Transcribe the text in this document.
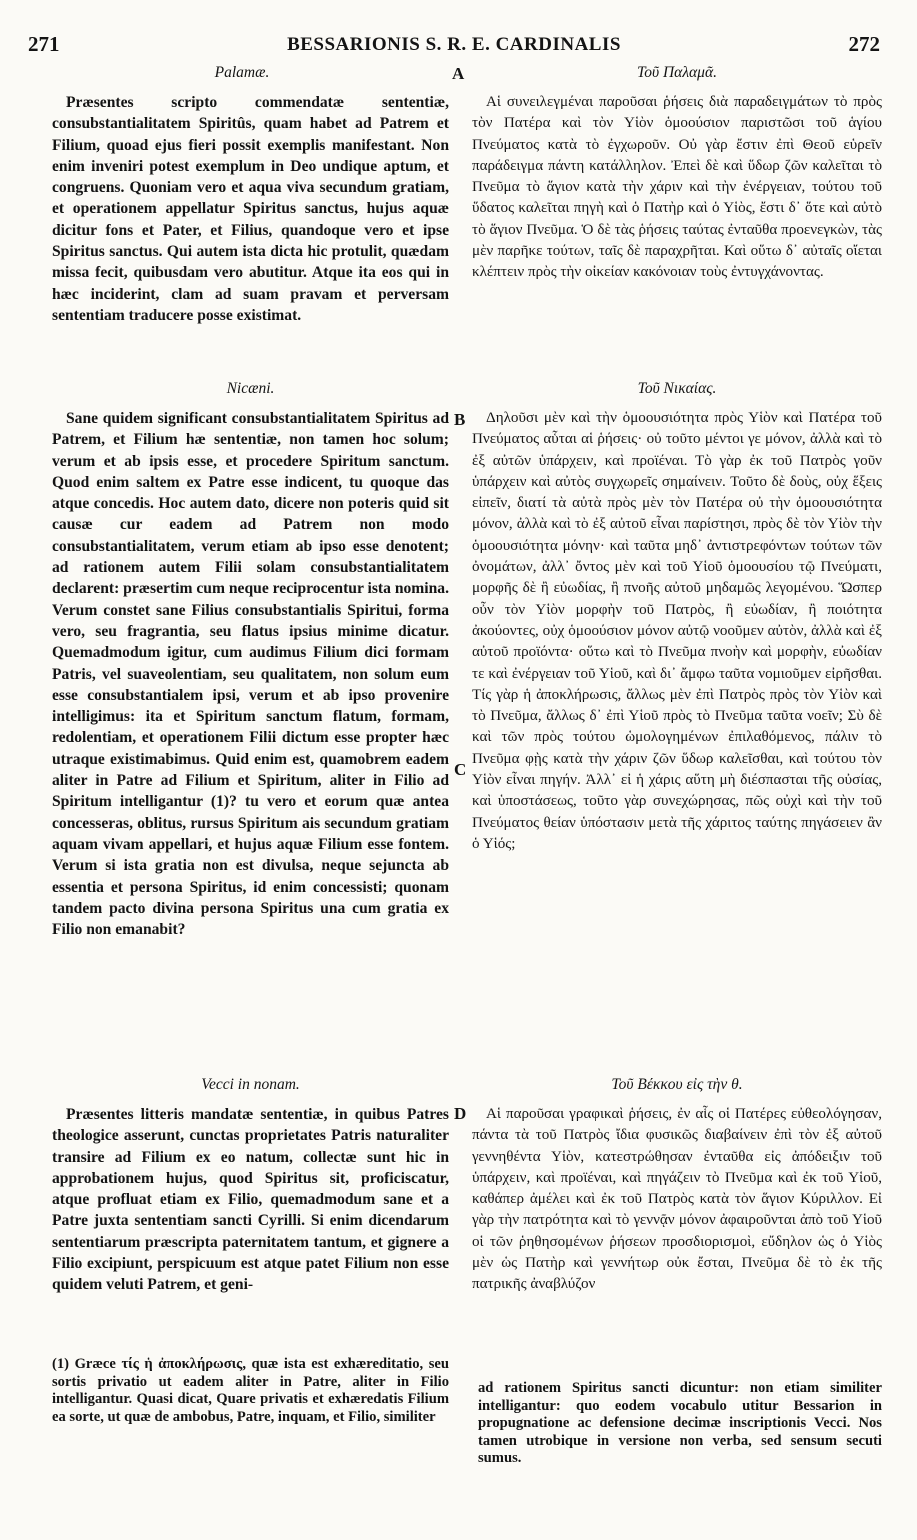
271	BESSARIONIS S. R. E. CARDINALIS	272
Palamæ.	A	Τοῦ Παλαμᾶ.

Præsentes scripto commendatæ sententiæ, consubstantialitatem Spiritûs, quam habet ad Patrem et Filium, quoad ejus fieri possit exemplis manifestant. Non enim inveniri potest exemplum in Deo undique aptum, et congruens. Quoniam vero et aqua viva secundum gratiam, et operationem appellatur Spiritus sanctus, hujus aquæ dicitur fons et Pater, et Filius, quandoque vero et ipse Spiritus sanctus. Qui autem ista dicta hic protulit, quædam missa fecit, quibusdam vero abutitur. Atque ita eos qui in hæc inciderint, clam ad suam pravam et perversam sententiam traducere posse existimat.

Αἱ συνειλεγμέναι παροῦσαι ῥήσεις διὰ παραδειγμάτων τὸ πρὸς τὸν Πατέρα καὶ τὸν Υἱὸν ὁμοούσιον παριστῶσι τοῦ ἁγίου Πνεύματος κατὰ τὸ ἐγχωροῦν. Οὐ γὰρ ἔστιν ἐπὶ Θεοῦ εὑρεῖν παράδειγμα πάντη κατάλληλον. Ἐπεὶ δὲ καὶ ὕδωρ ζῶν καλεῖται τὸ Πνεῦμα τὸ ἅγιον κατὰ τὴν χάριν καὶ τὴν ἐνέργειαν, τούτου τοῦ ὕδατος καλεῖται πηγὴ καὶ ὁ Πατὴρ καὶ ὁ Υἱὸς, ἔστι δ᾽ ὅτε καὶ αὐτὸ τὸ ἅγιον Πνεῦμα. Ὁ δὲ τὰς ῥήσεις ταύτας ἐνταῦθα προενεγκὼν, τὰς μὲν παρῆκε τούτων, ταῖς δὲ παραχρῆται. Καὶ οὕτω δ᾽ αὐταῖς οἴεται κλέπτειν πρὸς τὴν οἰκείαν κακόνοιαν τοὺς ἐντυγχάνοντας.

Nicæni.	Τοῦ Νικαίας.
B

Sane quidem significant consubstantialitatem Spiritus ad Patrem, et Filium hæ sententiæ, non tamen hoc solum; verum et ab ipsis esse, et procedere Spiritum sanctum. Quod enim saltem ex Patre esse indicent, tu quoque das atque concedis. Hoc autem dato, dicere non poteris quid sit causæ cur eadem ad Patrem non modo consubstantialitatem, verum etiam ab ipso esse denotent; ad rationem autem Filii solam consubstantialitatem declarent: præsertim cum neque reciprocentur ista nomina. Verum constet sane Filius consubstantialis Spiritui, forma vero, seu fragrantia, seu flatus ipsius minime dicatur. Quemadmodum igitur, cum audimus Filium dici formam Patris, vel suaveolentiam, seu qualitatem, non solum eum esse consubstantialem ipsi, verum et ab ipso provenire intelligimus: ita et Spiritum sanctum flatum, formam, redolentiam, et operationem Filii dictum esse propter hæc utraque existimabimus. Quid enim est, quamobrem eadem aliter in Patre ad Filium et Spiritum, aliter in Filio ad Spiritum intelligantur (1)? tu vero et eorum quæ antea concesseras, oblitus, rursus Spiritum ais secundum gratiam aquam vivam appellari, et hujus aquæ Filium esse fontem. Verum si ista gratia non est divulsa, neque sejuncta ab essentia et persona Spiritus, id enim concessisti; quonam tandem pacto divina persona Spiritus una cum gratia ex Filio non emanabit?

Δηλοῦσι μὲν καὶ τὴν ὁμοουσιότητα πρὸς Υἱὸν καὶ Πατέρα τοῦ Πνεύματος αὗται αἱ ῥήσεις· οὐ τοῦτο μέντοι γε μόνον, ἀλλὰ καὶ τὸ ἐξ αὐτῶν ὑπάρχειν, καὶ προϊέναι. Τὸ γὰρ ἐκ τοῦ Πατρὸς γοῦν ὑπάρχειν καὶ αὐτὸς συγχωρεῖς σημαίνειν. Τοῦτο δὲ δοὺς, οὐχ ἕξεις εἰπεῖν, διατί τὰ αὐτὰ πρὸς μὲν τὸν Πατέρα οὐ τὴν ὁμοουσιότητα μόνον, ἀλλὰ καὶ τὸ ἐξ αὐτοῦ εἶναι παρίστησι, πρὸς δὲ τὸν Υἱὸν τὴν ὁμοουσιότητα μόνην· καὶ ταῦτα μηδ᾽ ἀντιστρεφόντων τούτων τῶν ὀνομάτων, ἀλλ᾽ ὄντος μὲν καὶ τοῦ Υἱοῦ ὁμοουσίου τῷ Πνεύματι, μορφῆς δὲ ἢ εὐωδίας, ἢ πνοῆς αὐτοῦ μηδαμῶς λεγομένου. Ὥσπερ οὖν τὸν Υἱὸν μορφὴν τοῦ Πατρὸς, ἢ εὐωδίαν, ἢ ποιότητα ἀκούοντες, οὐχ ὁμοούσιον μόνον αὐτῷ νοοῦμεν αὐτὸν, ἀλλὰ καὶ ἐξ αὐτοῦ προϊόντα· οὕτω καὶ τὸ Πνεῦμα πνοὴν καὶ μορφὴν, εὐωδίαν τε καὶ ἐνέργειαν τοῦ Υἱοῦ, καὶ δι᾽ ἄμφω ταῦτα νομιοῦμεν εἰρῆσθαι. Τίς γὰρ ἡ ἀποκλήρωσις, ἄλλως μὲν ἐπὶ Πατρὸς πρὸς τὸν Υἱὸν καὶ τὸ Πνεῦμα, ἄλλως δ᾽ ἐπὶ Υἱοῦ πρὸς τὸ Πνεῦμα ταῦτα νοεῖν; Σὺ δὲ καὶ τῶν πρὸς τούτου ὡμολογημένων ἐπιλαθόμενος, πάλιν τὸ Πνεῦμα φῂς κατὰ τὴν χάριν ζῶν ὕδωρ καλεῖσθαι, καὶ τούτου τὸν Υἱὸν εἶναι πηγήν. Ἀλλ᾽ εἰ ἡ χάρις αὕτη μὴ διέσπασται τῆς οὐσίας, καὶ ὑποστάσεως, τοῦτο γὰρ συνεχώρησας, πῶς οὐχὶ καὶ τὴν τοῦ Πνεύματος θείαν ὑπόστασιν μετὰ τῆς χάριτος ταύτης πηγάσειεν ἂν ὁ Υἱός;

C
Vecci in nonam.	Τοῦ Βέκκου εἰς τὴν θ.
D

Præsentes litteris mandatæ sententiæ, in quibus Patres theologice asserunt, cunctas proprietates Patris naturaliter transire ad Filium ex eo natum, collectæ sunt hic in approbationem hujus, quod Spiritus sit, proficiscatur, atque profluat etiam ex Filio, quemadmodum sane et a Patre juxta sententiam sancti Cyrilli. Si enim dicendarum sententiarum præscripta paternitatem tantum, et gignere a Filio excipiunt, perspicuum est atque patet Filium non esse quidem veluti Patrem, et geni-

Αἱ παροῦσαι γραφικαὶ ῥήσεις, ἐν αἷς οἱ Πατέρες εὐθεολόγησαν, πάντα τὰ τοῦ Πατρὸς ἴδια φυσικῶς διαβαίνειν ἐπὶ τὸν ἐξ αὐτοῦ γεννηθέντα Υἱὸν, κατεστρώθησαν ἐνταῦθα εἰς ἀπόδειξιν τοῦ ὑπάρχειν, καὶ προϊέναι, καὶ πηγάζειν τὸ Πνεῦμα καὶ ἐκ τοῦ Υἱοῦ, καθάπερ ἀμέλει καὶ ἐκ τοῦ Πατρὸς κατὰ τὸν ἅγιον Κύριλλον. Εἰ γὰρ τὴν πατρότητα καὶ τὸ γεννᾷν μόνον ἀφαιροῦνται ἀπὸ τοῦ Υἱοῦ οἱ τῶν ῥηθησομένων ῥήσεων προσδιορισμοὶ, εὔδηλον ὡς ὁ Υἱὸς μὲν ὡς Πατὴρ καὶ γεννήτωρ οὐκ ἔσται, Πνεῦμα δὲ τὸ ἐκ τῆς πατρικῆς ἀναβλύζον

(1) Græce τίς ἡ ἀποκλήρωσις, quæ ista est exhæreditatio, seu sortis privatio ut eadem aliter in Patre, aliter in Filio intelligantur. Quasi dicat, Quare privatis et exhæredatis Filium ea sorte, ut quæ de ambobus, Patre, inquam, et Filio, similiter

ad rationem Spiritus sancti dicuntur: non etiam similiter intelligantur: quo eodem vocabulo utitur Bessarion in propugnatione ac defensione decimæ inscriptionis Vecci. Nos tamen utrobique in versione non verba, sed sensum secuti sumus.
